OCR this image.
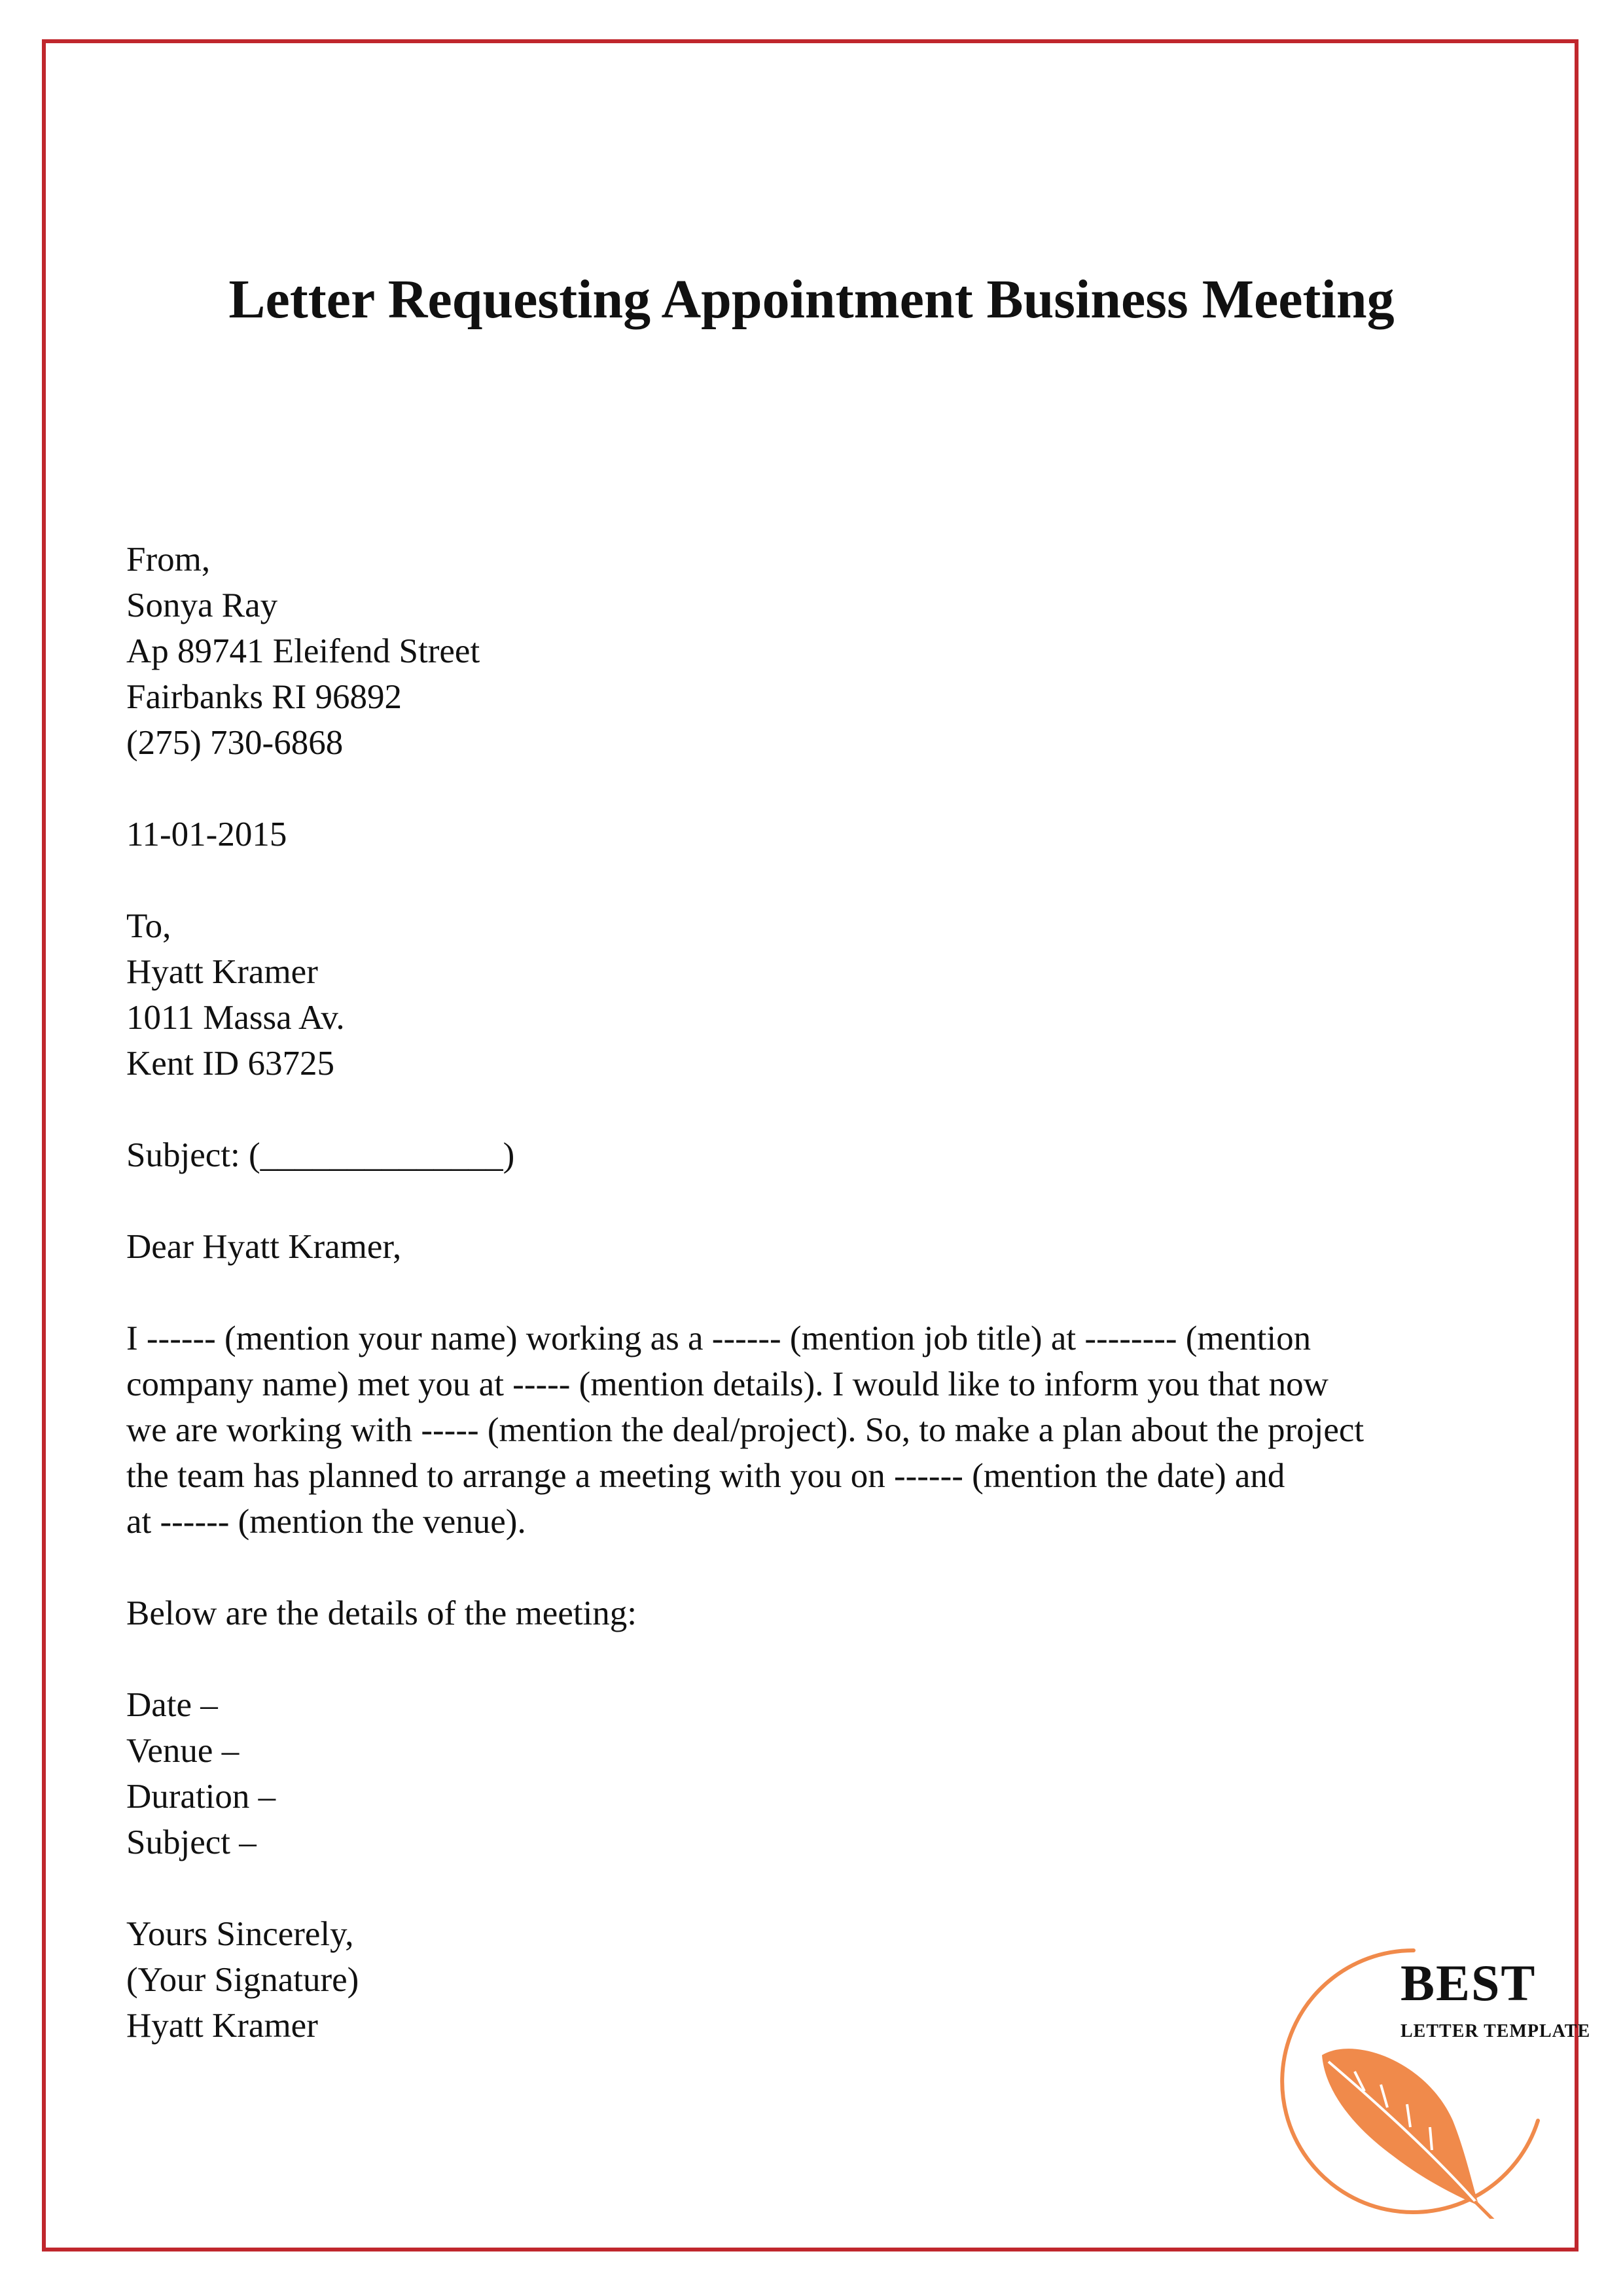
Letter Requesting Appointment Business Meeting
From,
Sonya Ray
Ap 89741 Eleifend Street
Fairbanks RI 96892
(275) 730-6868
11-01-2015
To,
Hyatt Kramer
1011 Massa Av.
Kent ID 63725
Subject: (______________)
Dear Hyatt Kramer,
I ------ (mention your name) working as a ------ (mention job title) at -------- (mention
company name) met you at ----- (mention details). I would like to inform you that now
we are working with ----- (mention the deal/project). So, to make a plan about the project
the team has planned to arrange a meeting with you on ------ (mention the date) and
at ------ (mention the venue).
Below are the details of the meeting:
Date –
Venue –
Duration –
Subject –
Yours Sincerely,
(Your Signature)
Hyatt Kramer
BEST
LETTER TEMPLATE
